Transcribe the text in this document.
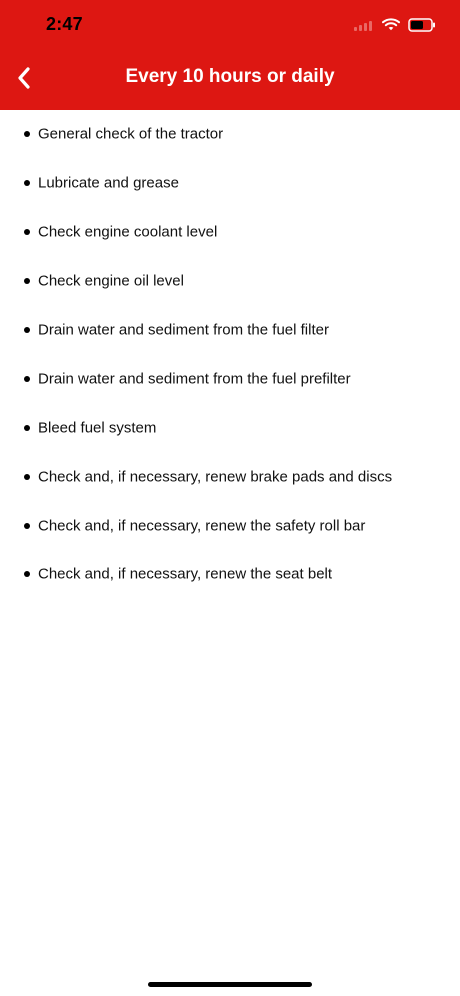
2:47
Every 10 hours or daily
General check of the tractor
Lubricate and grease
Check engine coolant level
Check engine oil level
Drain water and sediment from the fuel filter
Drain water and sediment from the fuel prefilter
Bleed fuel system
Check and, if necessary, renew brake pads and discs
Check and, if necessary, renew the safety roll bar
Check and, if necessary, renew the seat belt
